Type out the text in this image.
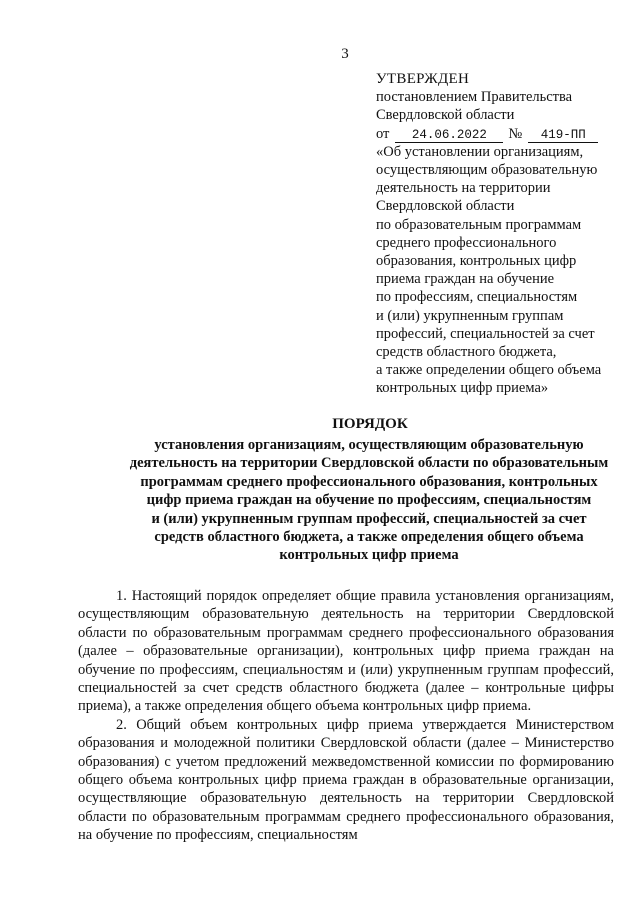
3
УТВЕРЖДЕН
постановлением Правительства
Свердловской области
от	24.06.2022	№	419-ПП
«Об установлении организациям,
осуществляющим образовательную
деятельность на территории
Свердловской области
по образовательным программам
среднего профессионального
образования, контрольных цифр
приема граждан на обучение
по профессиям, специальностям
и (или) укрупненным группам
профессий, специальностей за счет
средств областного бюджета,
а также определении общего объема
контрольных цифр приема»
ПОРЯДОК
установления организациям, осуществляющим образовательную
деятельность на территории Свердловской области по образовательным
программам среднего профессионального образования, контрольных
цифр приема граждан на обучение по профессиям, специальностям
и (или) укрупненным группам профессий, специальностей за счет
средств областного бюджета, а также определения общего объема
контрольных цифр приема

1. Настоящий порядок определяет общие правила установления организациям, осуществляющим образовательную деятельность на территории Свердловской области по образовательным программам среднего профессионального образования (далее – образовательные организации), контрольных цифр приема граждан на обучение по профессиям, специальностям и (или) укрупненным группам профессий, специальностей за счет средств областного бюджета (далее – контрольные цифры приема), а также определения общего объема контрольных цифр приема.

2. Общий объем контрольных цифр приема утверждается Министерством образования и молодежной политики Свердловской области (далее – Министерство образования) с учетом предложений межведомственной комиссии по формированию общего объема контрольных цифр приема граждан в образовательные организации, осуществляющие образовательную деятельность на территории Свердловской области по образовательным программам среднего профессионального образования, на обучение по профессиям, специальностям
